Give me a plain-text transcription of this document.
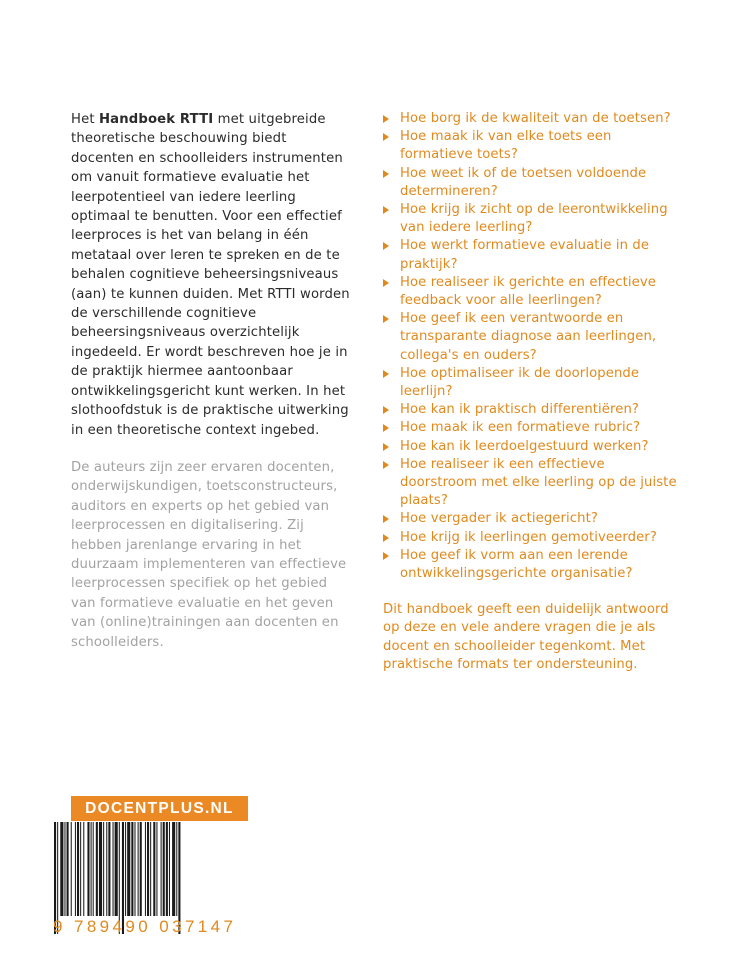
Het Handboek RTTI met uitgebreide theoretische beschouwing biedt docenten en schoolleiders instrumenten om vanuit formatieve evaluatie het leerpotentieel van iedere leerling optimaal te benutten. Voor een effectief leerproces is het van belang in één metataal over leren te spreken en de te behalen cognitieve beheersingsniveaus (aan) te kunnen duiden. Met RTTI worden de verschillende cognitieve beheersingsniveaus overzichtelijk ingedeeld. Er wordt beschreven hoe je in de praktijk hiermee aantoonbaar ontwikkelingsgericht kunt werken. In het slothoofdstuk is de praktische uitwerking in een theoretische context ingebed.

De auteurs zijn zeer ervaren docenten, onderwijskundigen, toetsconstructeurs, auditors en experts op het gebied van leerprocessen en digitalisering. Zij hebben jarenlange ervaring in het duurzaam implementeren van effectieve leerprocessen specifiek op het gebied van formatieve evaluatie en het geven van (online)trainingen aan docenten en schoolleiders.

Hoe borg ik de kwaliteit van de toetsen?
Hoe maak ik van elke toets een formatieve toets?
Hoe weet ik of de toetsen voldoende determineren?
Hoe krijg ik zicht op de leerontwikkeling van iedere leerling?
Hoe werkt formatieve evaluatie in de praktijk?
Hoe realiseer ik gerichte en effectieve feedback voor alle leerlingen?
Hoe geef ik een verantwoorde en transparante diagnose aan leerlingen, collega's en ouders?
Hoe optimaliseer ik de doorlopende leerlijn?
Hoe kan ik praktisch differentiëren?
Hoe maak ik een formatieve rubric?
Hoe kan ik leerdoelgestuurd werken?
Hoe realiseer ik een effectieve doorstroom met elke leerling op de juiste plaats?
Hoe vergader ik actiegericht?
Hoe krijg ik leerlingen gemotiveerder?
Hoe geef ik vorm aan een lerende ontwikkelingsgerichte organisatie?

Dit handboek geeft een duidelijk antwoord op deze en vele andere vragen die je als docent en schoolleider tegenkomt. Met praktische formats ter ondersteuning.

DOCENTPLUS.NL
9 789490 037147
